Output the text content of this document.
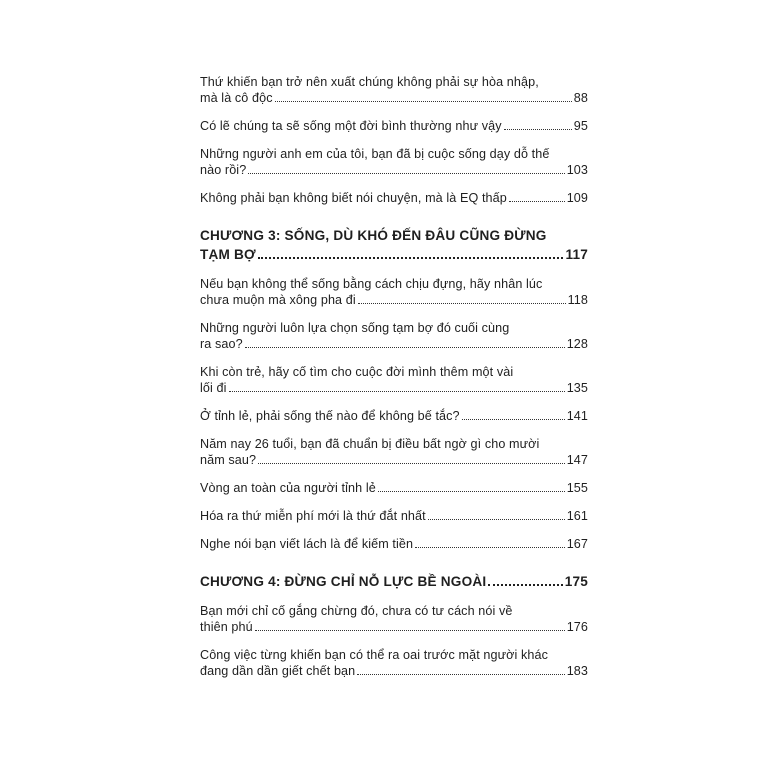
Thứ khiến bạn trở nên xuất chúng không phải sự hòa nhập,
mà là cô độc	88
Có lẽ chúng ta sẽ sống một đời bình thường như vậy	95
Những người anh em của tôi, bạn đã bị cuộc sống dạy dỗ thế
nào rồi?	103
Không phải bạn không biết nói chuyện, mà là EQ thấp	109
CHƯƠNG 3: SỐNG, DÙ KHÓ ĐẾN ĐÂU CŨNG ĐỪNG
TẠM BỢ	117
Nếu bạn không thể sống bằng cách chịu đựng, hãy nhân lúc
chưa muộn mà xông pha đi	118
Những người luôn lựa chọn sống tạm bợ đó cuối cùng
ra sao?	128
Khi còn trẻ, hãy cố tìm cho cuộc đời mình thêm một vài
lối đi	135
Ở tỉnh lẻ, phải sống thế nào để không bế tắc?	141
Năm nay 26 tuổi, bạn đã chuẩn bị điều bất ngờ gì cho mười
năm sau?	147
Vòng an toàn của người tỉnh lẻ	155
Hóa ra thứ miễn phí mới là thứ đắt nhất	161
Nghe nói bạn viết lách là để kiếm tiền	167
CHƯƠNG 4: ĐỪNG CHỈ NỖ LỰC BỀ NGOÀI	175
Bạn mới chỉ cố gắng chừng đó, chưa có tư cách nói về
thiên phú	176
Công việc từng khiến bạn có thể ra oai trước mặt người khác
đang dần dần giết chết bạn	183
